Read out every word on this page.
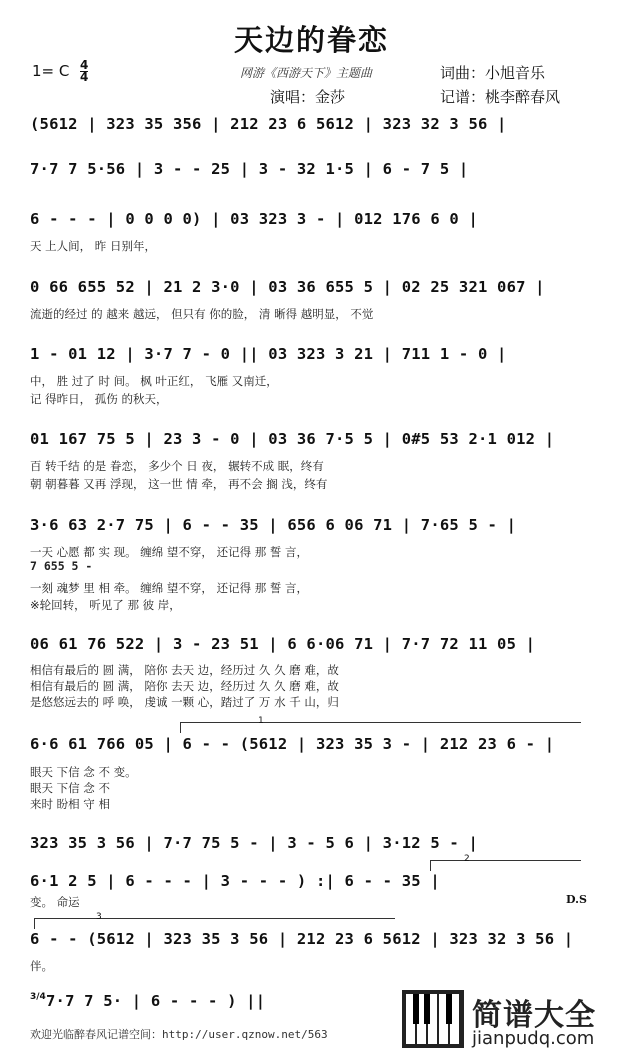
天边的眷恋
1= C 4
4	网游《西游天下》主题曲	词曲：小旭音乐
演唱：金莎	记谱：桃李醉春风
(5612 | 323 35 356 | 212 23 6 5612 | 323 32 3 56 |
7·7 7 5·56 | 3 - - 25 | 3 - 32 1·5 | 6 - 7 5 |
6 - - - | 0 0 0 0) | 03 323 3 - | 012 176 6 0 |
天 上人间， 昨 日别年，
0 66 655 52 | 21 2 3·0 | 03 36 655 5 | 02 25 321 067 |
流逝的经过 的 越来 越远， 但只有 你的脸， 清 晰得 越明显， 不觉
1 - 01 12 | 3·7 7 - 0 || 03 323 3 21 | 711 1 - 0 |
中， 胜 过了 时 间。 枫 叶正红， 飞雁 又南迁，
记 得昨日， 孤伤 的秋天，
01 167 75 5 | 23 3 - 0 | 03 36 7·5 5 | 0#5 53 2·1 012 |
百 转千结 的是 眷恋， 多少个 日 夜， 辗转不成 眠，终有
朝 朝暮暮 又再 浮现， 这一世 情 牵， 再不会 搁 浅，终有
3·6 63 2·7 75 | 6 - - 35 | 656 6 06 71 | 7·65 5 - |
一天 心愿 都 实 现。 缠绵 望不穿， 还记得 那 誓 言，
7 655 5 -
一刻 魂梦 里 相 牵。 缠绵 望不穿， 还记得 那 誓 言，
※轮回转， 听见了 那 彼 岸，
06 61 76 522 | 3 - 23 51 | 6 6·06 71 | 7·7 72 11 05 |
相信有最后的 圆 满， 陪你 去天 边，经历过 久 久 磨 难，故
相信有最后的 圆 满， 陪你 去天 边，经历过 久 久 磨 难，故
是悠悠远去的 呼 唤， 虔诚 一颗 心，踏过了 万 水 千 山，归
1
6·6 61 766 05 | 6 - - (5612 | 323 35 3 - | 212 23 6 - |
眼天 下信 念 不 变。
眼天 下信 念 不
来时 盼相 守 相
323 35 3 56 | 7·7 75 5 - | 3 - 5 6 | 3·12 5 - |
2
6·1 2 5 | 6 - - - | 3 - - - ) :| 6 - - 35 |
变。 命运	D.S
3
6 - - (5612 | 323 35 3 56 | 212 23 6 5612 | 323 32 3 56 |
伴。
3/4 7·7 7 5· | 6 - - - ) ||
欢迎光临醉春风记谱空间：http://user.qznow.net/563
简谱大全
jianpudq.com
